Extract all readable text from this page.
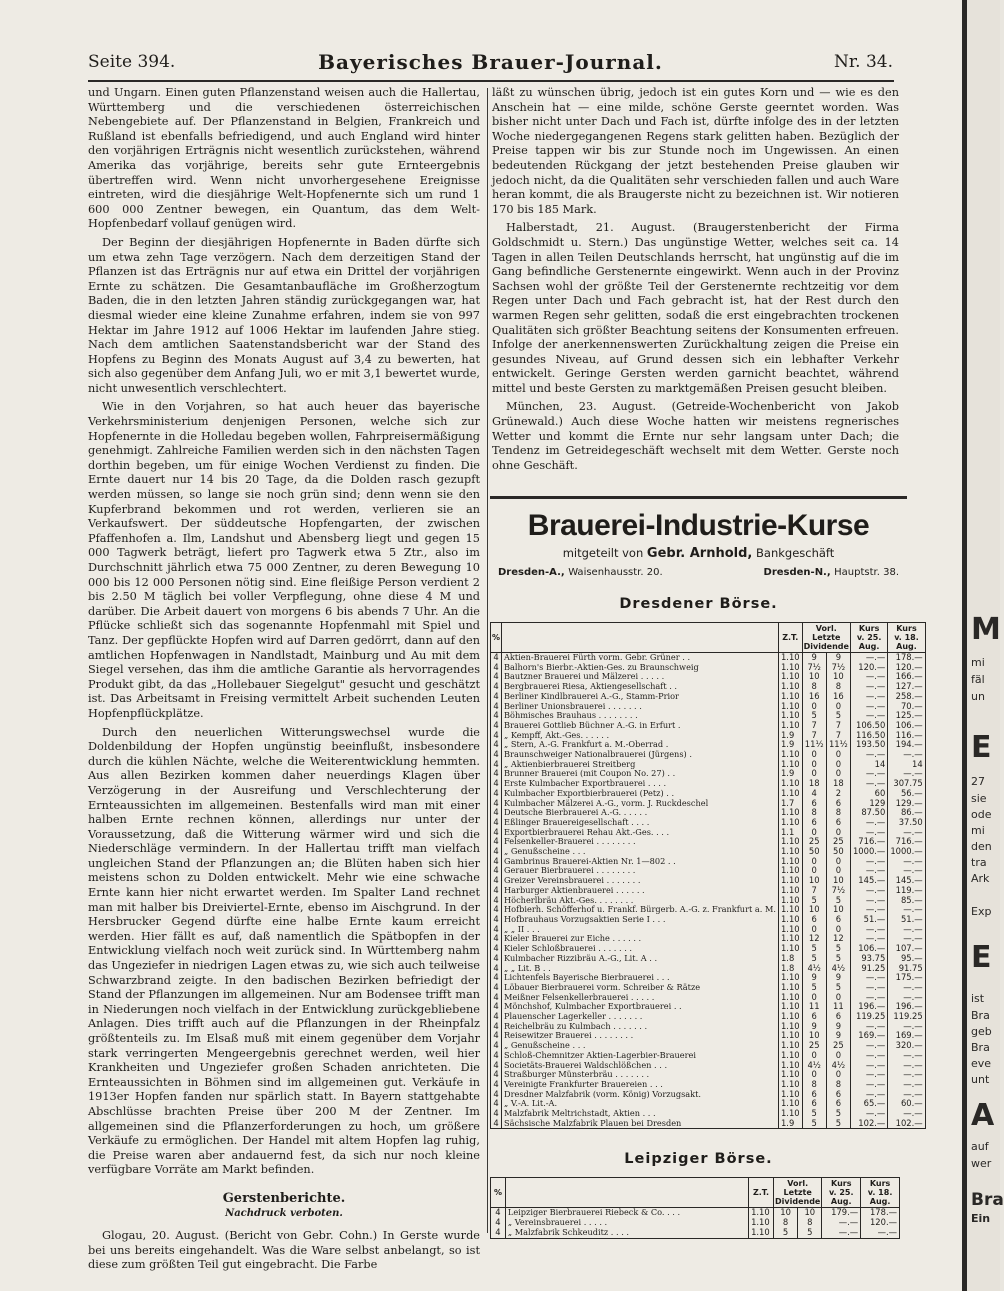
M
mi
fäl
un
E
27
sie
ode
mi
den
tra
Ark
Exp
E
ist
Bra
geb
Bra
eve
unt
A
auf
wer
Bra
Ein
Seite 394.	Bayerisches Brauer-Journal.	Nr. 34.

und Ungarn. Einen guten Pflanzenstand weisen auch die Hallertau, Württemberg und die verschiedenen österreichischen Nebengebiete auf. Der Pflanzenstand in Belgien, Frankreich und Rußland ist ebenfalls befriedigend, und auch England wird hinter den vorjährigen Erträgnis nicht wesentlich zurückstehen, während Amerika das vorjährige, bereits sehr gute Ernteergebnis übertreffen wird. Wenn nicht unvorhergesehene Ereignisse eintreten, wird die diesjährige Welt-Hopfenernte sich um rund 1 600 000 Zentner bewegen, ein Quantum, das dem Welt-Hopfenbedarf vollauf genügen wird.

Der Beginn der diesjährigen Hopfenernte in Baden dürfte sich um etwa zehn Tage verzögern. Nach dem derzeitigen Stand der Pflanzen ist das Erträgnis nur auf etwa ein Drittel der vorjährigen Ernte zu schätzen. Die Gesamtanbaufläche im Großherzogtum Baden, die in den letzten Jahren ständig zurückgegangen war, hat diesmal wieder eine kleine Zunahme erfahren, indem sie von 997 Hektar im Jahre 1912 auf 1006 Hektar im laufenden Jahre stieg. Nach dem amtlichen Saatenstandsbericht war der Stand des Hopfens zu Beginn des Monats August auf 3,4 zu bewerten, hat sich also gegenüber dem Anfang Juli, wo er mit 3,1 bewertet wurde, nicht unwesentlich verschlechtert.

Wie in den Vorjahren, so hat auch heuer das bayerische Verkehrsministerium denjenigen Personen, welche sich zur Hopfenernte in die Holledau begeben wollen, Fahrpreisermäßigung genehmigt. Zahlreiche Familien werden sich in den nächsten Tagen dorthin begeben, um für einige Wochen Verdienst zu finden. Die Ernte dauert nur 14 bis 20 Tage, da die Dolden rasch gezupft werden müssen, so lange sie noch grün sind; denn wenn sie den Kupferbrand bekommen und rot werden, verlieren sie an Verkaufswert. Der süddeutsche Hopfengarten, der zwischen Pfaffenhofen a. Ilm, Landshut und Abensberg liegt und gegen 15 000 Tagwerk beträgt, liefert pro Tagwerk etwa 5 Ztr., also im Durchschnitt jährlich etwa 75 000 Zentner, zu deren Bewegung 10 000 bis 12 000 Personen nötig sind. Eine fleißige Person verdient 2 bis 2.50 M täglich bei voller Verpflegung, ohne diese 4 M und darüber. Die Arbeit dauert von morgens 6 bis abends 7 Uhr. An die Pflücke schließt sich das sogenannte Hopfenmahl mit Spiel und Tanz. Der gepflückte Hopfen wird auf Darren gedörrt, dann auf den amtlichen Hopfenwagen in Nandlstadt, Mainburg und Au mit dem Siegel versehen, das ihm die amtliche Garantie als hervorragendes Produkt gibt, da das „Hollebauer Siegelgut" gesucht und geschätzt ist. Das Arbeitsamt in Freising vermittelt Arbeit suchenden Leuten Hopfenpflückplätze.

Durch den neuerlichen Witterungswechsel wurde die Doldenbildung der Hopfen ungünstig beeinflußt, insbesondere durch die kühlen Nächte, welche die Weiterentwicklung hemmten. Aus allen Bezirken kommen daher neuerdings Klagen über Verzögerung in der Ausreifung und Verschlechterung der Ernteaussichten im allgemeinen. Bestenfalls wird man mit einer halben Ernte rechnen können, allerdings nur unter der Voraussetzung, daß die Witterung wärmer wird und sich die Niederschläge vermindern. In der Hallertau trifft man vielfach ungleichen Stand der Pflanzungen an; die Blüten haben sich hier meistens schon zu Dolden entwickelt. Mehr wie eine schwache Ernte kann hier nicht erwartet werden. Im Spalter Land rechnet man mit halber bis Dreiviertel-Ernte, ebenso im Aischgrund. In der Hersbrucker Gegend dürfte eine halbe Ernte kaum erreicht werden. Hier fällt es auf, daß namentlich die Spätbopfen in der Entwicklung vielfach noch weit zurück sind. In Württemberg nahm das Ungeziefer in niedrigen Lagen etwas zu, wie sich auch teilweise Schwarzbrand zeigte. In den badischen Bezirken befriedigt der Stand der Pflanzungen im allgemeinen. Nur am Bodensee trifft man in Niederungen noch vielfach in der Entwicklung zurückgebliebene Anlagen. Dies trifft auch auf die Pflanzungen in der Rheinpfalz größtenteils zu. Im Elsaß muß mit einem gegenüber dem Vorjahr stark verringerten Mengeergebnis gerechnet werden, weil hier Krankheiten und Ungeziefer großen Schaden anrichteten. Die Ernteaussichten in Böhmen sind im allgemeinen gut. Verkäufe in 1913er Hopfen fanden nur spärlich statt. In Bayern stattgehabte Abschlüsse brachten Preise über 200 M der Zentner. Im allgemeinen sind die Pflanzerforderungen zu hoch, um größere Verkäufe zu ermöglichen. Der Handel mit altem Hopfen lag ruhig, die Preise waren aber andauernd fest, da sich nur noch kleine verfügbare Vorräte am Markt befinden.

Gerstenberichte.
Nachdruck verboten.

Glogau, 20. August. (Bericht von Gebr. Cohn.) In Gerste wurde bei uns bereits eingehandelt. Was die Ware selbst anbelangt, so ist diese zum größten Teil gut eingebracht. Die Farbe

läßt zu wünschen übrig, jedoch ist ein gutes Korn und — wie es den Anschein hat — eine milde, schöne Gerste geerntet worden. Was bisher nicht unter Dach und Fach ist, dürfte infolge des in der letzten Woche niedergegangenen Regens stark gelitten haben. Bezüglich der Preise tappen wir bis zur Stunde noch im Ungewissen. An einen bedeutenden Rückgang der jetzt bestehenden Preise glauben wir jedoch nicht, da die Qualitäten sehr verschieden fallen und auch Ware heran kommt, die als Braugerste nicht zu bezeichnen ist. Wir notieren 170 bis 185 Mark.

Halberstadt, 21. August. (Braugerstenbericht der Firma Goldschmidt u. Stern.) Das ungünstige Wetter, welches seit ca. 14 Tagen in allen Teilen Deutschlands herrscht, hat ungünstig auf die im Gang befindliche Gerstenernte eingewirkt. Wenn auch in der Provinz Sachsen wohl der größte Teil der Gerstenernte rechtzeitig vor dem Regen unter Dach und Fach gebracht ist, hat der Rest durch den warmen Regen sehr gelitten, sodaß die erst eingebrachten trockenen Qualitäten sich größter Beachtung seitens der Konsumenten erfreuen. Infolge der anerkennenswerten Zurückhaltung zeigen die Preise ein gesundes Niveau, auf Grund dessen sich ein lebhafter Verkehr entwickelt. Geringe Gersten werden garnicht beachtet, während mittel und beste Gersten zu marktgemäßen Preisen gesucht bleiben.

München, 23. August. (Getreide-Wochenbericht von Jakob Grünewald.) Auch diese Woche hatten wir meistens regnerisches Wetter und kommt die Ernte nur sehr langsam unter Dach; die Tendenz im Getreidegeschäft wechselt mit dem Wetter. Gerste noch ohne Geschäft.

Brauerei-Industrie-Kurse
mitgeteilt von Gebr. Arnhold, Bankgeschäft
Dresden-A., Waisenhausstr. 20.	Dresden-N., Hauptstr. 38.
Dresdener Börse.
%		Z.T.	Vorl. Letzte
Dividende		Kurs
v. 25.
Aug.	Kurs
v. 18.
Aug.
4	Aktien-Brauerei Fürth vorm. Gebr. Grüner . .	1.10	9	9	—.—	178.—
4	Balhorn's Bierbr.-Aktien-Ges. zu Braunschweig	1.10	7½	7½	120.—	120.—
4	Bautzner Brauerei und Mälzerei . . . . .	1.10	10	10	—.—	166.—
4	Bergbrauerei Riesa, Aktiengesellschaft . .	1.10	8	8	—.—	127.—
4	Berliner Kindlbrauerei A.-G., Stamm-Prior	1.10	16	16	—.—	258.—
4	Berliner Unionsbrauerei . . . . . . .	1.10	0	0	—.—	70.—
4	Böhmisches Brauhaus . . . . . . . .	1.10	5	5	—.—	125.—
4	Brauerei Gottlieb Büchner A.-G. in Erfurt .	1.10	7	7	106.50	106.—
4	„ Kempff, Akt.-Ges. . . . . .	1.9	7	7	116.50	116.—
4	„ Stern, A.-G. Frankfurt a. M.-Oberrad .	1.9	11½	11½	193.50	194.—
4	Braunschweiger Nationalbrauerei (Jürgens) .	1.10	0	0	—.—	—.—
4	„ Aktienbierbrauerei Streitberg	1.10	0	0	14	14
4	Brunner Brauerei (mit Coupon No. 27) . .	1.9	0	0	—.—	—.—
4	Erste Kulmbacher Exportbrauerei . . . .	1.10	18	18	—.—	307.75
4	Kulmbacher Exportbierbrauerei (Petz) . .	1.10	4	2	60	56.—
4	Kulmbacher Mälzerei A.-G., vorm. J. Ruckdeschel	1.7	6	6	129	129.—
4	Deutsche Bierbrauerei A.-G. . . . . .	1.10	8	8	87.50	86.—
4	Eßlinger Brauereigesellschaft . . . .	1.10	6	6	—.—	37.50
4	Exportbierbrauerei Rehau Akt.-Ges. . . .	1.1	0	0	—.—	—.—
4	Felsenkeller-Brauerei . . . . . . . .	1.10	25	25	716.—	716.—
4	„ Genußscheine . . .	1.10	50	50	1000.—	1000.—
4	Gambrinus Brauerei-Aktien Nr. 1—802 . .	1.10	0	0	—.—	—.—
4	Gerauer Bierbrauerei . . . . . . . .	1.10	0	0	—.—	—.—
4	Greizer Vereinsbrauerei . . . . . . .	1.10	10	10	145.—	145.—
4	Harburger Aktienbrauerei . . . . . .	1.10	7	7½	—.—	119.—
4	Höcherlbräu Akt.-Ges. . . . . . . .	1.10	5	5	—.—	85.—
4	Hofbierh. Schöfferhof u. Frankf. Bürgerb. A.-G. z. Frankfurt a. M.	1.10	10	10	—.—	—.—
4	Hofbrauhaus Vorzugsaktien Serie I . . .	1.10	6	6	51.—	51.—
4	„ „ II . . .	1.10	0	0	—.—	—.—
4	Kieler Brauerei zur Eiche . . . . . .	1.10	12	12	—.—	—.—
4	Kieler Schloßbrauerei . . . . . . .	1.10	5	5	106.—	107.—
4	Kulmbacher Rizzibräu A.-G., Lit. A . .	1.8	5	5	93.75	95.—
4	„ „ Lit. B . .	1.8	4½	4½	91.25	91.75
4	Lichtenfels Bayerische Bierbrauerei . . .	1.10	9	9	—.—	175.—
4	Löbauer Bierbrauerei vorm. Schreiber & Rätze	1.10	5	5	—.—	—.—
4	Meißner Felsenkellerbrauerei . . . . .	1.10	0	0	—.—	—.—
4	Mönchshof, Kulmbacher Exportbrauerei . .	1.10	11	11	196.—	196.—
4	Plauenscher Lagerkeller . . . . . . .	1.10	6	6	119.25	119.25
4	Reichelbräu zu Kulmbach . . . . . . .	1.10	9	9	—.—	—.—
4	Reisewitzer Brauerei . . . . . . . .	1.10	10	9	169.—	169.—
4	„ Genußscheine . . .	1.10	25	25	—.—	320.—
4	Schloß-Chemnitzer Aktien-Lagerbier-Brauerei	1.10	0	0	—.—	—.—
4	Societäts-Brauerei Waldschlößchen . . .	1.10	4½	4½	—.—	—.—
4	Straßburger Münsterbräu . . . . . . .	1.10	0	0	—.—	—.—
4	Vereinigte Frankfurter Brauereien . . .	1.10	8	8	—.—	—.—
4	Dresdner Malzfabrik (vorm. König) Vorzugsakt.	1.10	6	6	—.—	—.—
4	„ V.-A. Lit.-A.	1.10	6	6	65.—	60.—
4	Malzfabrik Meltrichstadt, Aktien . . .	1.10	5	5	—.—	—.—
4	Sächsische Malzfabrik Plauen bei Dresden	1.9	5	5	102.—	102.—
Leipziger Börse.
%		Z.T.	Vorl. Letzte
Dividende		Kurs
v. 25.
Aug.	Kurs
v. 18.
Aug.
4	Leipziger Bierbrauerei Riebeck & Co. . . .	1.10	10	10	179.—	178.—
4	„ Vereinsbrauerei . . . . .	1.10	8	8	—.—	120.—
4	„ Malzfabrik Schkeuditz . . . .	1.10	5	5	—.—	—.—
